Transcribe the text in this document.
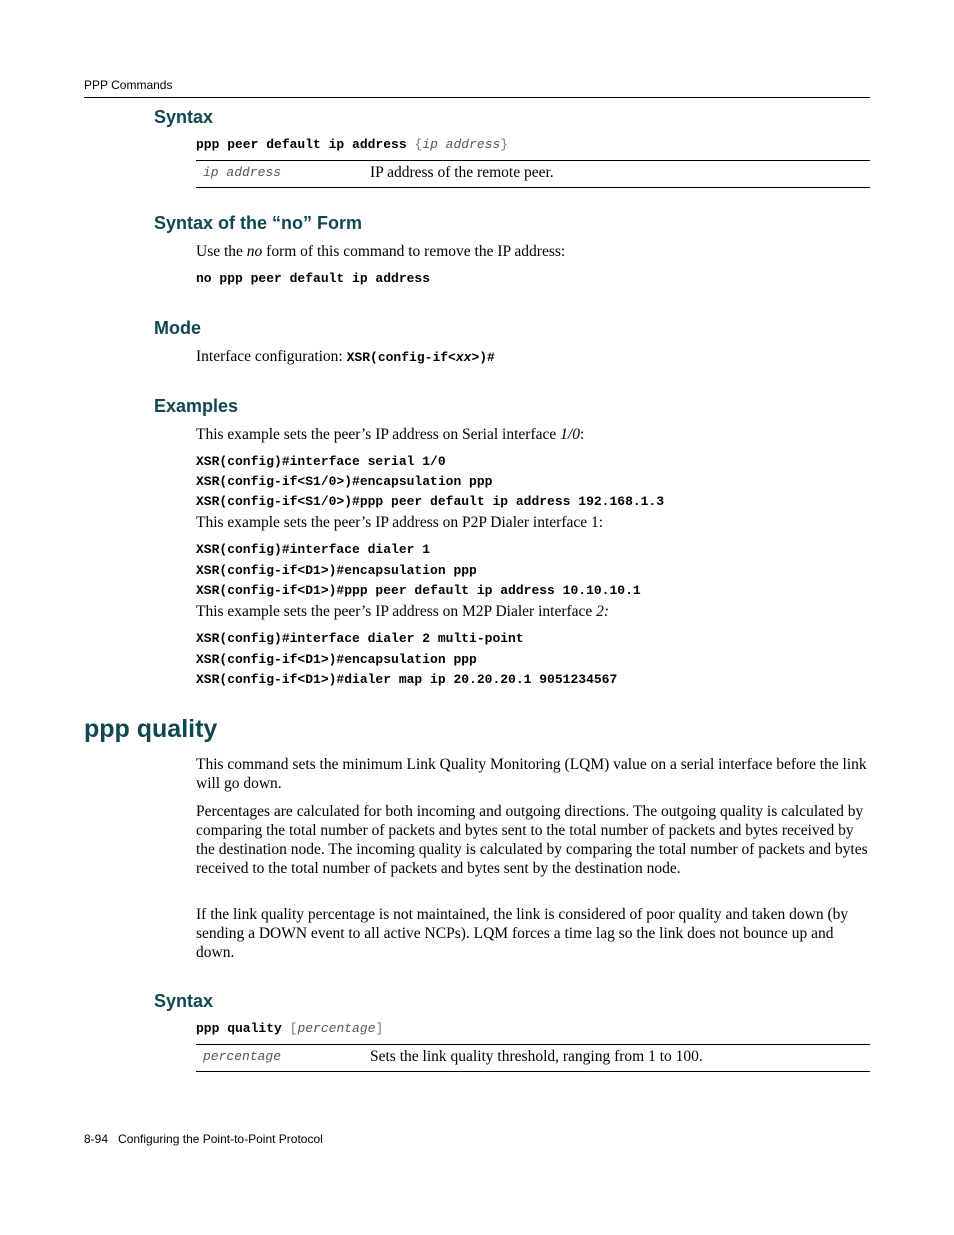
PPP Commands
Syntax
ppp peer default ip address {ip address}
ip address	IP address of the remote peer.
Syntax of the “no” Form
Use the no form of this command to remove the IP address:
no ppp peer default ip address
Mode
Interface configuration: XSR(config-if<xx>)#
Examples
This example sets the peer’s IP address on Serial interface 1/0:
XSR(config)#interface serial 1/0
XSR(config-if<S1/0>)#encapsulation ppp
XSR(config-if<S1/0>)#ppp peer default ip address 192.168.1.3
This example sets the peer’s IP address on P2P Dialer interface 1:
XSR(config)#interface dialer 1
XSR(config-if<D1>)#encapsulation ppp
XSR(config-if<D1>)#ppp peer default ip address 10.10.10.1
This example sets the peer’s IP address on M2P Dialer interface 2:
XSR(config)#interface dialer 2 multi-point
XSR(config-if<D1>)#encapsulation ppp
XSR(config-if<D1>)#dialer map ip 20.20.20.1 9051234567
ppp quality
This command sets the minimum Link Quality Monitoring (LQM) value on a serial interface before the link will go down.
Percentages are calculated for both incoming and outgoing directions. The outgoing quality is calculated by comparing the total number of packets and bytes sent to the total number of packets and bytes received by the destination node. The incoming quality is calculated by comparing the total number of packets and bytes received to the total number of packets and bytes sent by the destination node.
If the link quality percentage is not maintained, the link is considered of poor quality and taken down (by sending a DOWN event to all active NCPs). LQM forces a time lag so the link does not bounce up and down.
Syntax
ppp quality [percentage]
percentage	Sets the link quality threshold, ranging from 1 to 100.
8-94 Configuring the Point-to-Point Protocol
